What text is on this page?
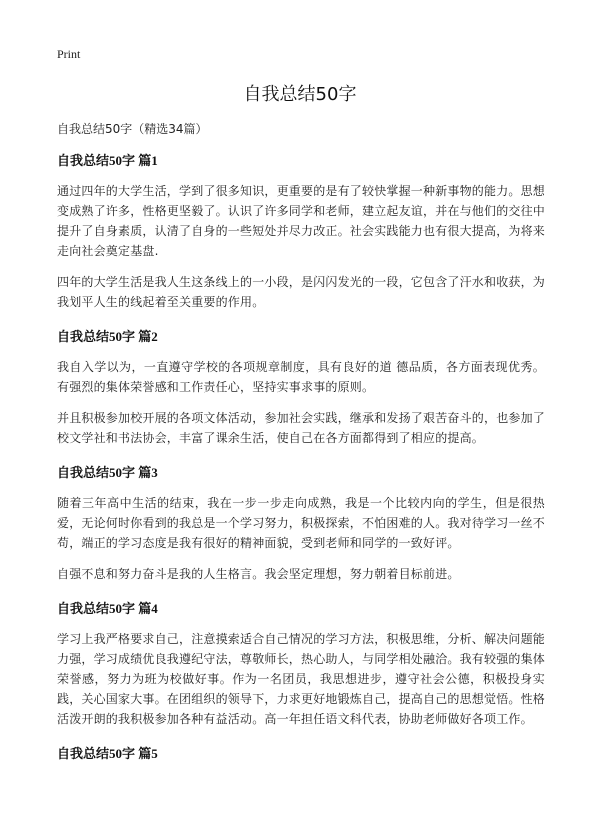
Print
自我总结50字
自我总结50字（精选34篇）
自我总结50字 篇1

通过四年的大学生活，学到了很多知识，更重要的是有了较快掌握一种新事物的能力。思想变成熟了许多，性格更坚毅了。认识了许多同学和老师，建立起友谊，并在与他们的交往中提升了自身素质，认清了自身的一些短处并尽力改正。社会实践能力也有很大提高，为将来走向社会奠定基盘.

四年的大学生活是我人生这条线上的一小段，是闪闪发光的一段，它包含了汗水和收获，为我划平人生的线起着至关重要的作用。

自我总结50字 篇2

我自入学以为，一直遵守学校的各项规章制度，具有良好的道 德品质，各方面表现优秀。有强烈的集体荣誉感和工作责任心，坚持实事求事的原则。

并且积极参加校开展的各项文体活动，参加社会实践，继承和发扬了艰苦奋斗的，也参加了校文学社和书法协会，丰富了课余生活，使自己在各方面都得到了相应的提高。

自我总结50字 篇3

随着三年高中生活的结束，我在一步一步走向成熟，我是一个比较内向的学生，但是很热爱，无论何时你看到的我总是一个学习努力，积极探索，不怕困难的人。我对待学习一丝不苟，端正的学习态度是我有很好的精神面貌，受到老师和同学的一致好评。

自强不息和努力奋斗是我的人生格言。我会坚定理想，努力朝着目标前进。

自我总结50字 篇4

学习上我严格要求自己，注意摸索适合自己情况的学习方法，积极思维，分析、解决问题能力强，学习成绩优良我遵纪守法，尊敬师长，热心助人，与同学相处融洽。我有较强的集体荣誉感，努力为班为校做好事。作为一名团员，我思想进步，遵守社会公德，积极投身实践，关心国家大事。在团组织的领导下，力求更好地锻炼自己，提高自己的思想觉悟。性格活泼开朗的我积极参加各种有益活动。高一年担任语文科代表，协助老师做好各项工作。

自我总结50字 篇5
